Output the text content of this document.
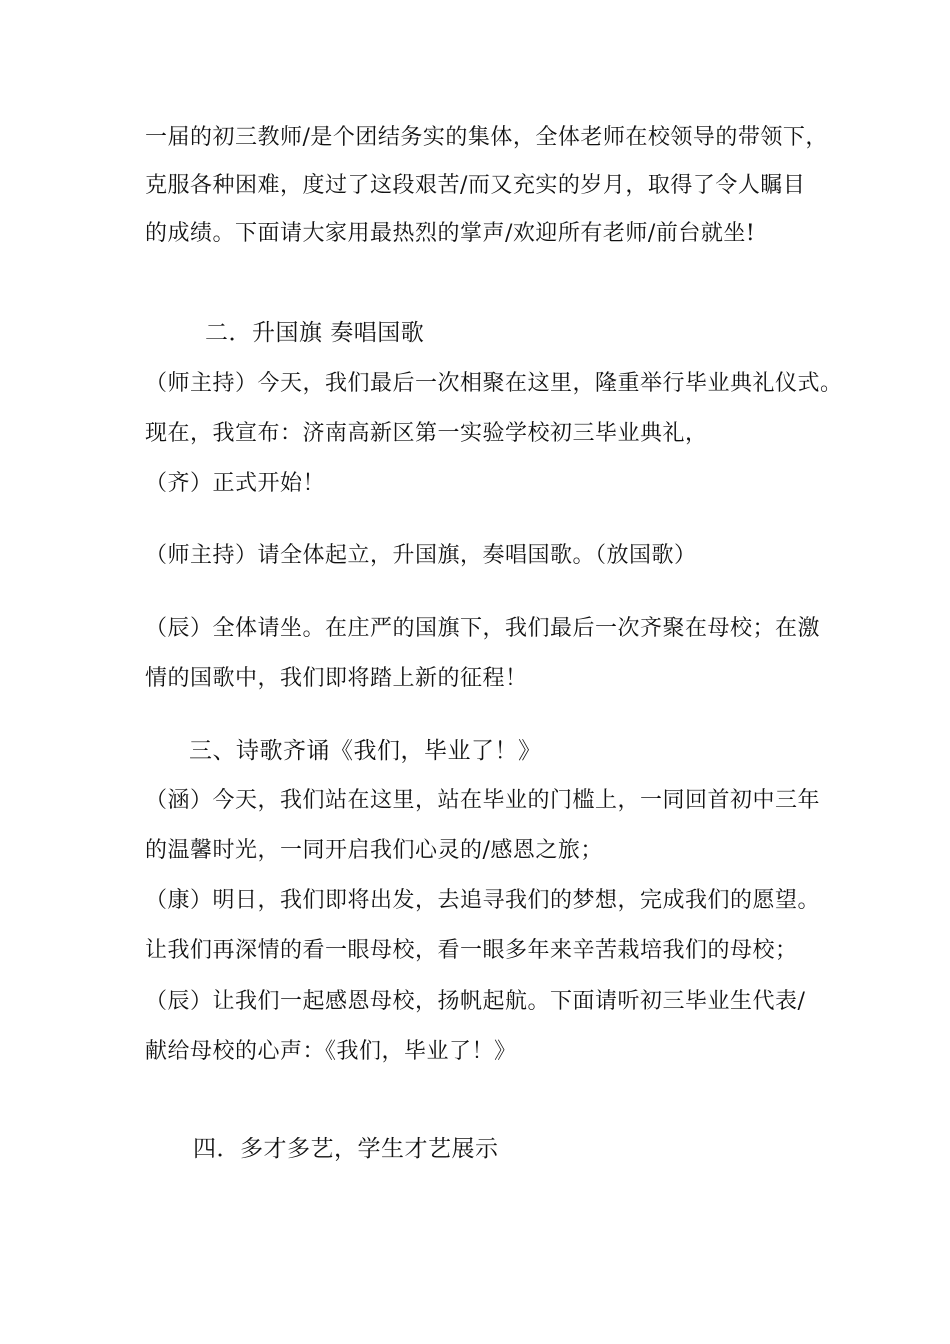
一届的初三教师/是个团结务实的集体，全体老师在校领导的带领下，
克服各种困难，度过了这段艰苦/而又充实的岁月，取得了令人瞩目
的成绩。下面请大家用最热烈的掌声/欢迎所有老师/前台就坐!
二．升国旗 奏唱国歌
（师主持）今天，我们最后一次相聚在这里，隆重举行毕业典礼仪式。
现在，我宣布：济南高新区第一实验学校初三毕业典礼，
（齐）正式开始！
（师主持）请全体起立，升国旗，奏唱国歌。（放国歌）
（辰）全体请坐。在庄严的国旗下，我们最后一次齐聚在母校；在激
情的国歌中，我们即将踏上新的征程！
三、诗歌齐诵《我们，毕业了！》
（涵）今天，我们站在这里，站在毕业的门槛上，一同回首初中三年
的温馨时光，一同开启我们心灵的/感恩之旅；
（康）明日，我们即将出发，去追寻我们的梦想，完成我们的愿望。
让我们再深情的看一眼母校，看一眼多年来辛苦栽培我们的母校；
（辰）让我们一起感恩母校，扬帆起航。下面请听初三毕业生代表/
献给母校的心声：《我们，毕业了！》
四．多才多艺，学生才艺展示
